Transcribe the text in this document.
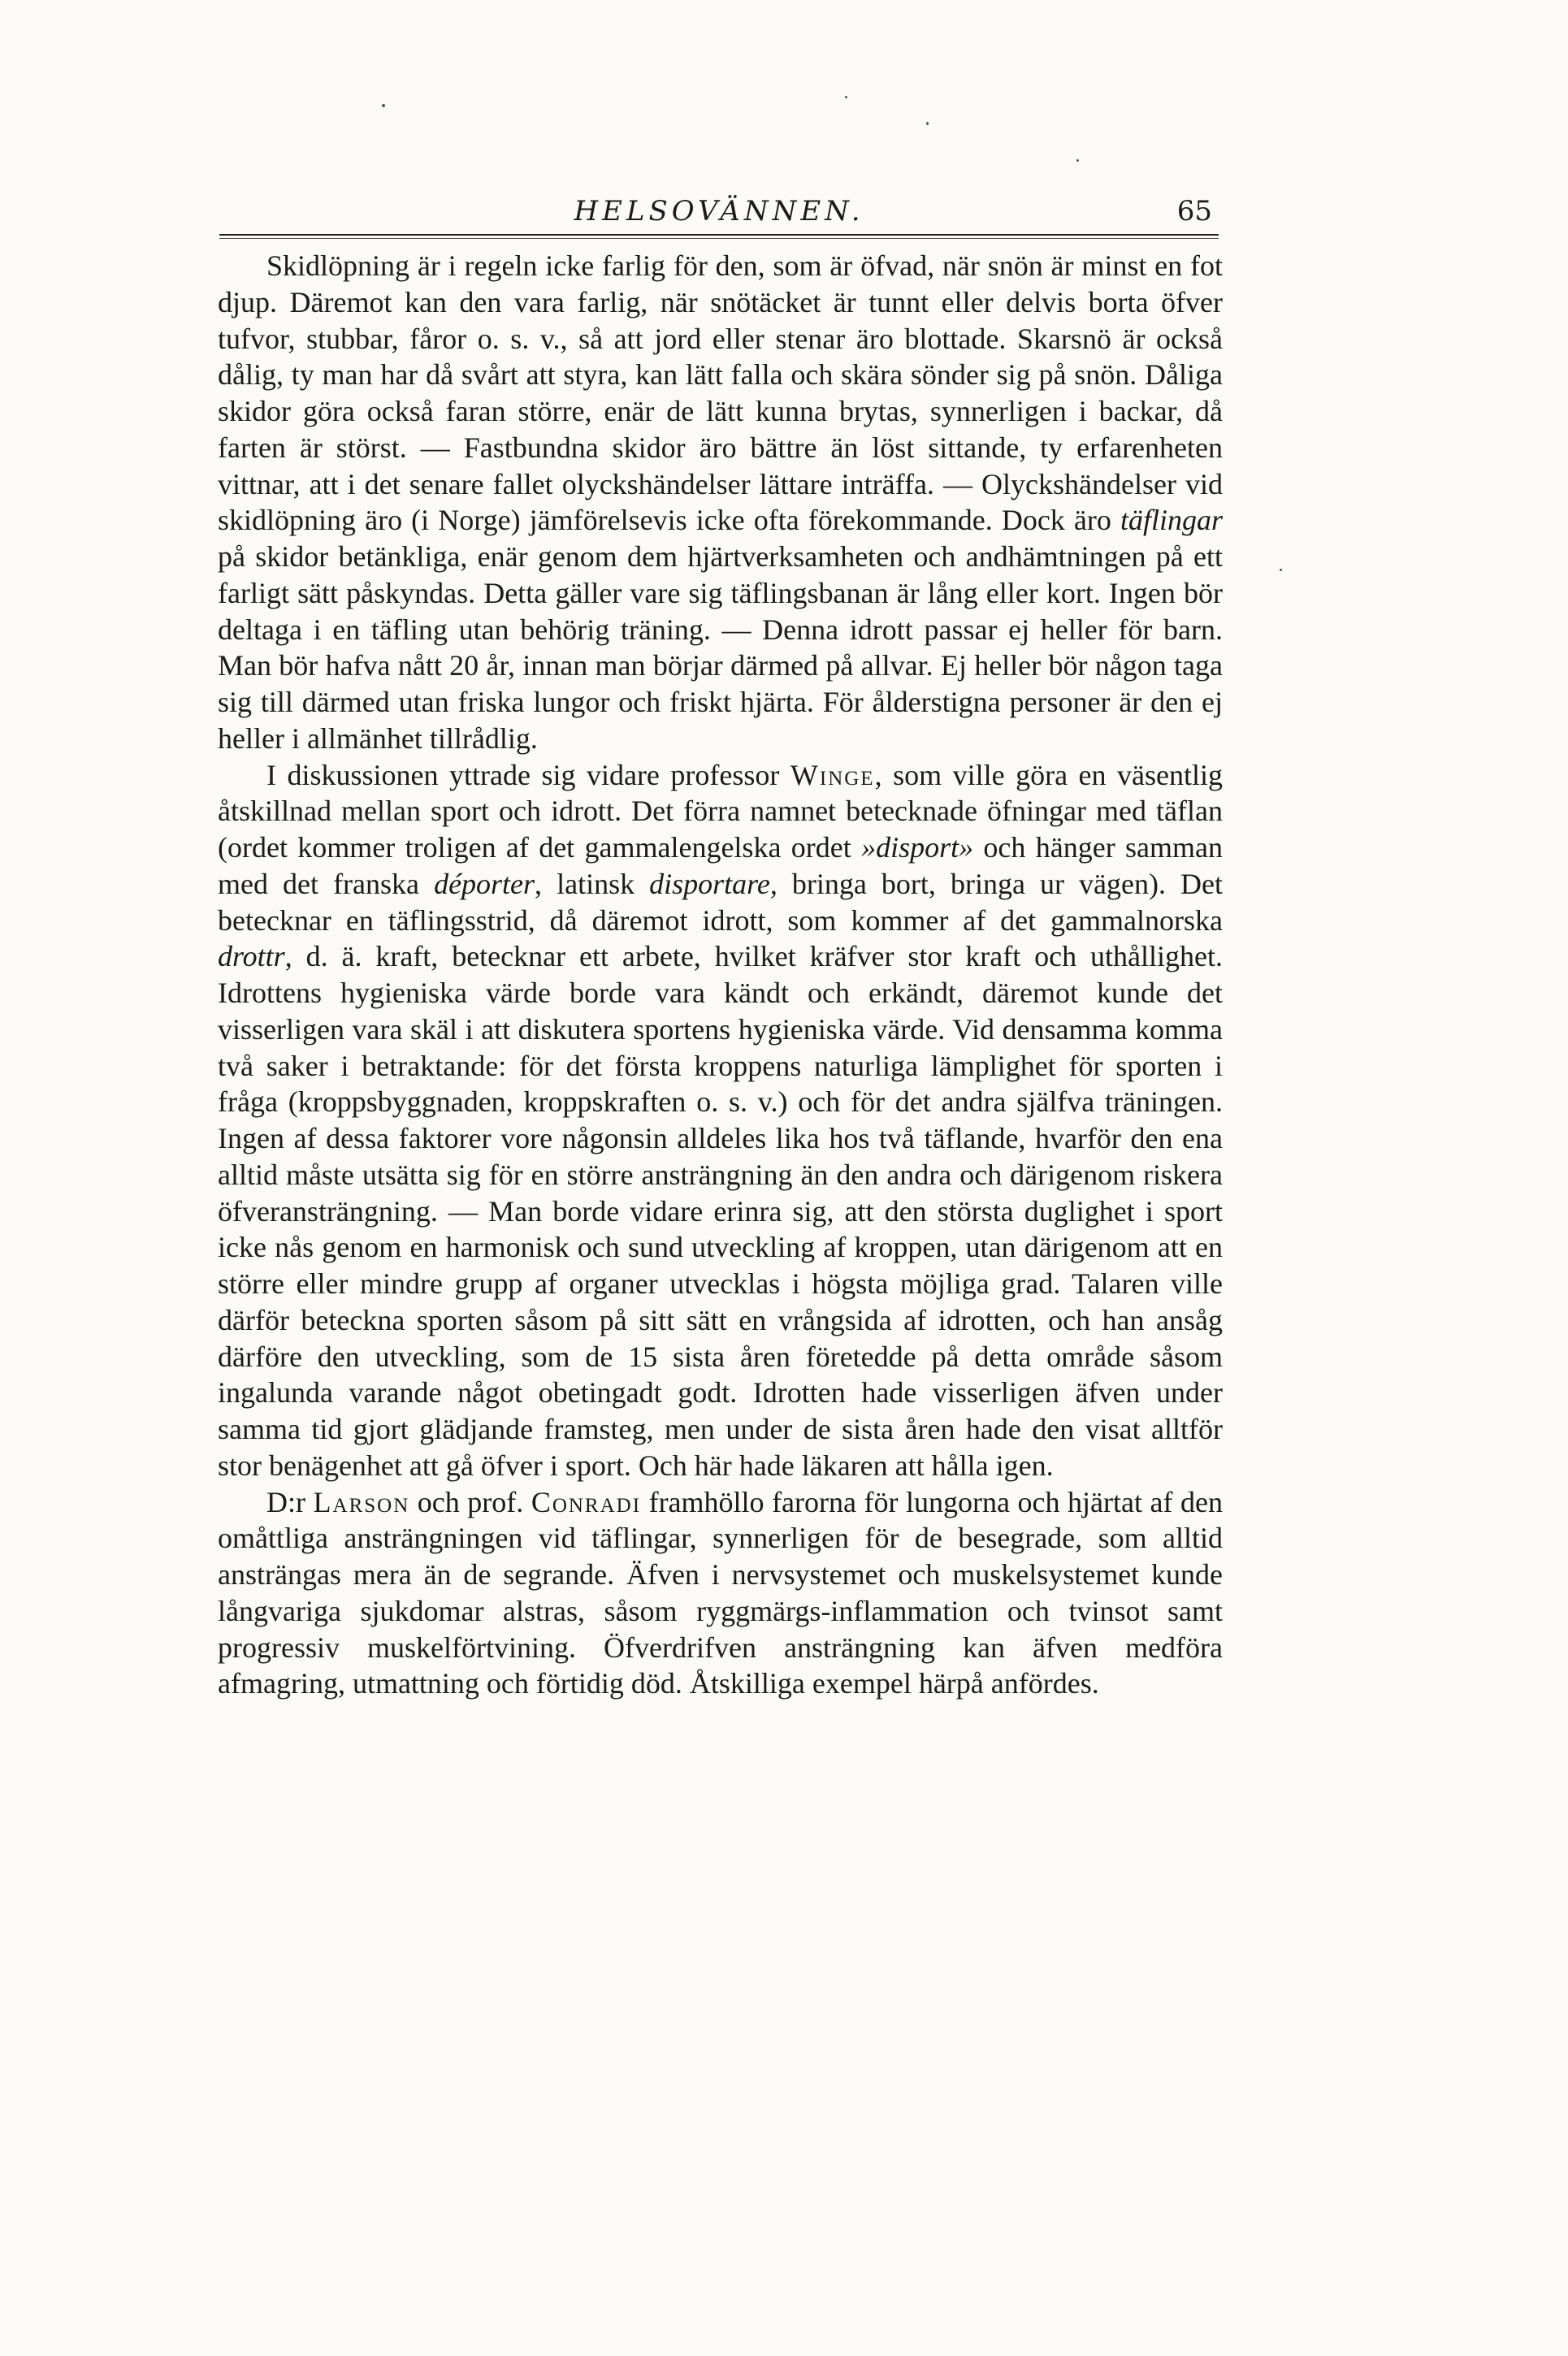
HELSOVÄNNEN.	65

Skidlöpning är i regeln icke farlig för den, som är öfvad, när snön är minst en fot djup. Däremot kan den vara farlig, när snötäcket är tunnt eller delvis borta öfver tufvor, stubbar, fåror o. s. v., så att jord eller stenar äro blottade. Skarsnö är också dålig, ty man har då svårt att styra, kan lätt falla och skära sönder sig på snön. Dåliga skidor göra också faran större, enär de lätt kunna brytas, synnerligen i backar, då farten är störst. — Fastbundna skidor äro bättre än löst sittande, ty erfarenheten vittnar, att i det senare fallet olyckshändelser lättare inträffa. — Olyckshändelser vid skidlöpning äro (i Norge) jämförelsevis icke ofta förekommande. Dock äro täflingar på skidor betänkliga, enär genom dem hjärtverksamheten och andhämtningen på ett farligt sätt påskyndas. Detta gäller vare sig täflingsbanan är lång eller kort. Ingen bör deltaga i en täfling utan behörig träning. — Denna idrott passar ej heller för barn. Man bör hafva nått 20 år, innan man börjar därmed på allvar. Ej heller bör någon taga sig till därmed utan friska lungor och friskt hjärta. För ålderstigna personer är den ej heller i allmänhet tillrådlig.

I diskussionen yttrade sig vidare professor Winge, som ville göra en väsentlig åtskillnad mellan sport och idrott. Det förra namnet betecknade öfningar med täflan (ordet kommer troligen af det gammalengelska ordet »disport» och hänger samman med det franska déporter, latinsk disportare, bringa bort, bringa ur vägen). Det betecknar en täflingsstrid, då däremot idrott, som kommer af det gammalnorska drottr, d. ä. kraft, betecknar ett arbete, hvilket kräfver stor kraft och uthållighet. Idrottens hygieniska värde borde vara kändt och erkändt, däremot kunde det visserligen vara skäl i att diskutera sportens hygieniska värde. Vid densamma komma två saker i betraktande: för det första kroppens naturliga lämplighet för sporten i fråga (kroppsbyggnaden, kroppskraften o. s. v.) och för det andra själfva träningen. Ingen af dessa faktorer vore någonsin alldeles lika hos två täflande, hvarför den ena alltid måste utsätta sig för en större ansträngning än den andra och därigenom riskera öfveransträngning. — Man borde vidare erinra sig, att den största duglighet i sport icke nås genom en harmonisk och sund utveckling af kroppen, utan därigenom att en större eller mindre grupp af organer utvecklas i högsta möjliga grad. Talaren ville därför beteckna sporten såsom på sitt sätt en vrångsida af idrotten, och han ansåg därföre den utveckling, som de 15 sista åren företedde på detta område såsom ingalunda varande något obetingadt godt. Idrotten hade visserligen äfven under samma tid gjort glädjande framsteg, men under de sista åren hade den visat alltför stor benägenhet att gå öfver i sport. Och här hade läkaren att hålla igen.

D:r Larson och prof. Conradi framhöllo farorna för lungorna och hjärtat af den omåttliga ansträngningen vid täflingar, synnerligen för de besegrade, som alltid ansträngas mera än de segrande. Äfven i nervsystemet och muskelsystemet kunde långvariga sjukdomar alstras, såsom ryggmärgs-inflammation och tvinsot samt progressiv muskelförtvining. Öfverdrifven ansträngning kan äfven medföra afmagring, utmattning och förtidig död. Åtskilliga exempel härpå anfördes.
